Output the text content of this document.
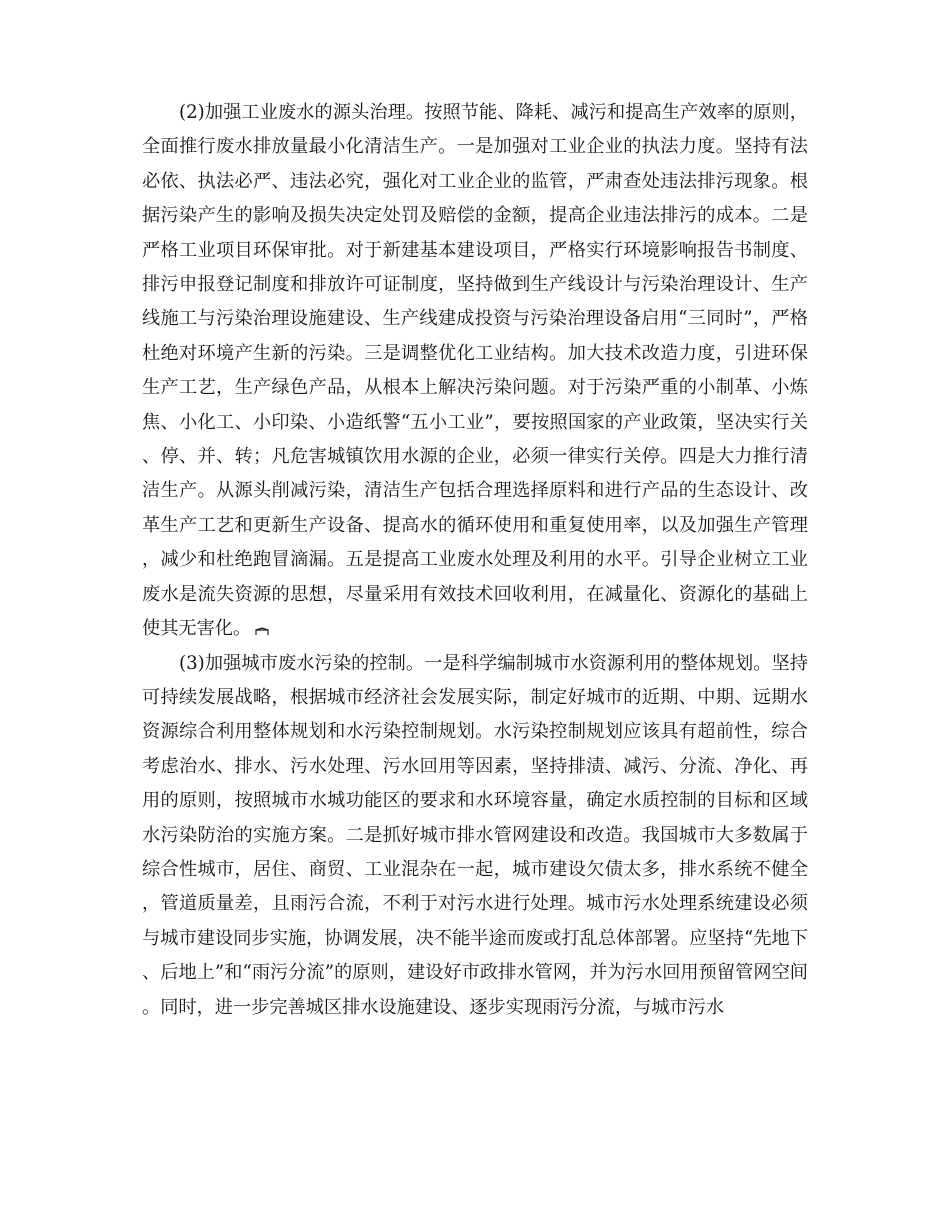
(2)加强工业废水的源头治理。按照节能、降耗、减污和提高生产效率的原则，全面推行废水排放量最小化清洁生产。一是加强对工业企业的执法力度。坚持有法必依、执法必严、违法必究，强化对工业企业的监管，严肃查处违法排污现象。根据污染产生的影响及损失决定处罚及赔偿的金额，提高企业违法排污的成本。二是严格工业项目环保审批。对于新建基本建设项目，严格实行环境影响报告书制度、排污申报登记制度和排放许可证制度，坚持做到生产线设计与污染治理设计、生产线施工与污染治理设施建设、生产线建成投资与污染治理设备启用“三同时”，严格杜绝对环境产生新的污染。三是调整优化工业结构。加大技术改造力度，引进环保生产工艺，生产绿色产品，从根本上解决污染问题。对于污染严重的小制革、小炼焦、小化工、小印染、小造纸警“五小工业”，要按照国家的产业政策，坚决实行关、停、并、转；凡危害城镇饮用水源的企业，必须一律实行关停。四是大力推行清洁生产。从源头削减污染，清洁生产包括合理选择原料和进行产品的生态设计、改革生产工艺和更新生产设备、提高水的循环使用和重复使用率，以及加强生产管理，减少和杜绝跑冒滴漏。五是提高工业废水处理及利用的水平。引导企业树立工业废水是流失资源的思想，尽量采用有效技术回收利用，在减量化、资源化的基础上使其无害化。

(3)加强城市废水污染的控制。一是科学编制城市水资源利用的整体规划。坚持可持续发展战略，根据城市经济社会发展实际，制定好城市的近期、中期、远期水资源综合利用整体规划和水污染控制规划。水污染控制规划应该具有超前性，综合考虑治水、排水、污水处理、污水回用等因素，坚持排渍、减污、分流、净化、再用的原则，按照城市水城功能区的要求和水环境容量，确定水质控制的目标和区域水污染防治的实施方案。二是抓好城市排水管网建设和改造。我国城市大多数属于综合性城市，居住、商贸、工业混杂在一起，城市建设欠债太多，排水系统不健全，管道质量差，且雨污合流，不利于对污水进行处理。城市污水处理系统建设必须与城市建设同步实施，协调发展，决不能半途而废或打乱总体部署。应坚持“先地下、后地上”和“雨污分流”的原则，建设好市政排水管网，并为污水回用预留管网空间。同时，进一步完善城区排水设施建设、逐步实现雨污分流，与城市污水
